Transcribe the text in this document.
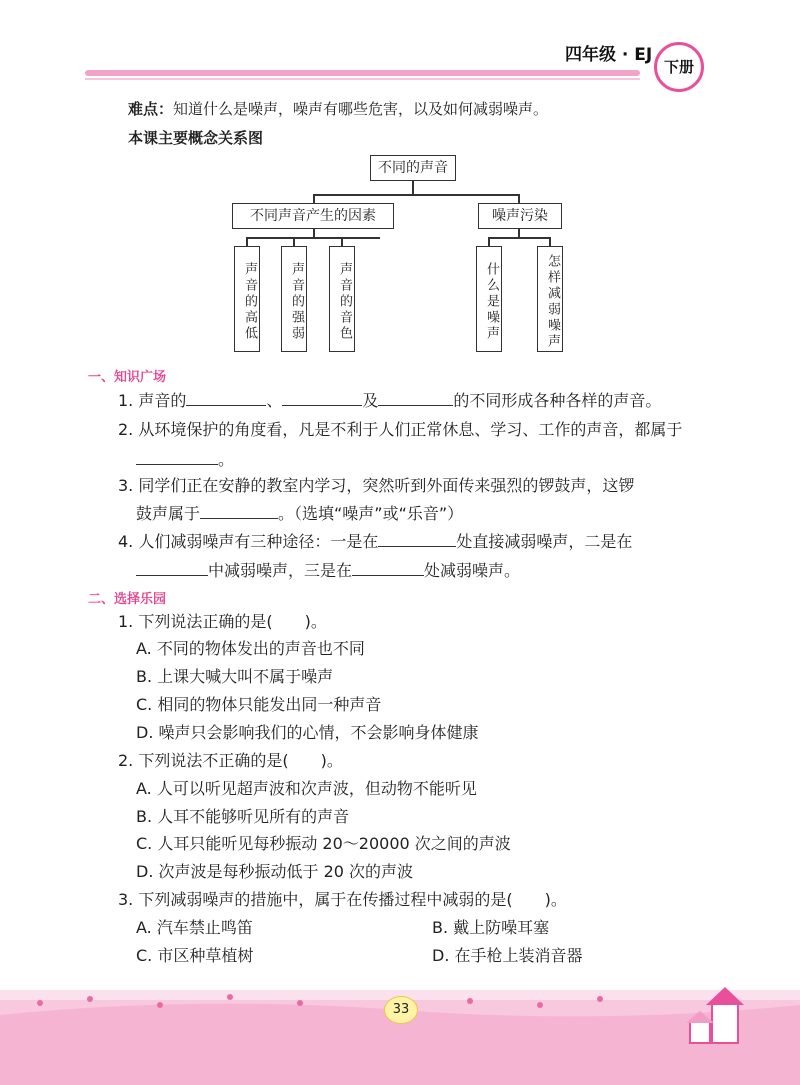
四年级 · EJ
下册
难点：知道什么是噪声，噪声有哪些危害，以及如何减弱噪声。
本课主要概念关系图
不同的声音
不同声音产生的因素	噪声污染
声音的高低	声音的强弱	声音的音色	什么是噪声	怎样减弱噪声
一、知识广场
1. 声音的	、	及	的不同形成各种各样的声音。
2. 从环境保护的角度看，凡是不利于人们正常休息、学习、工作的声音，都属于
。
3. 同学们正在安静的教室内学习，突然听到外面传来强烈的锣鼓声，这锣
鼓声属于	。（选填“噪声”或“乐音”）
4. 人们减弱噪声有三种途径：一是在	处直接减弱噪声，二是在
中减弱噪声，三是在	处减弱噪声。
二、选择乐园
1. 下列说法正确的是(　　)。
A. 不同的物体发出的声音也不同
B. 上课大喊大叫不属于噪声
C. 相同的物体只能发出同一种声音
D. 噪声只会影响我们的心情，不会影响身体健康
2. 下列说法不正确的是(　　)。
A. 人可以听见超声波和次声波，但动物不能听见
B. 人耳不能够听见所有的声音
C. 人耳只能听见每秒振动 20～20000 次之间的声波
D. 次声波是每秒振动低于 20 次的声波
3. 下列减弱噪声的措施中，属于在传播过程中减弱的是(　　)。
A. 汽车禁止鸣笛	B. 戴上防噪耳塞
C. 市区种草植树	D. 在手枪上装消音器
33
